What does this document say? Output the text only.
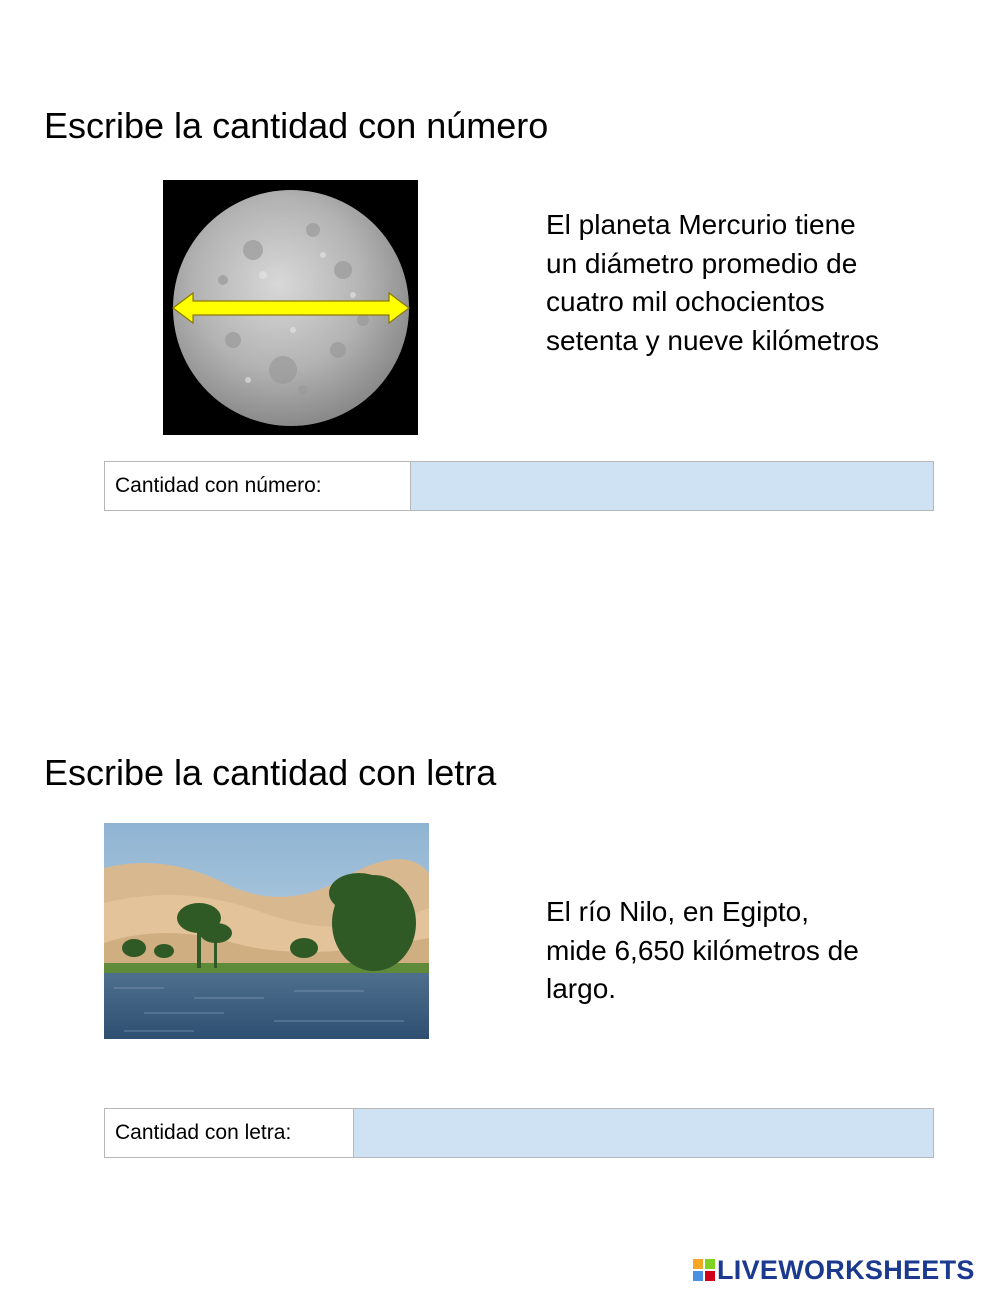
Escribe la cantidad con número

El planeta Mercurio tiene un diámetro promedio de cuatro mil ochocientos setenta y nueve kilómetros

Cantidad con número:
Escribe la cantidad con letra

El río Nilo, en Egipto, mide 6,650 kilómetros de largo.

Cantidad con letra:
LIVEWORKSHEETS
